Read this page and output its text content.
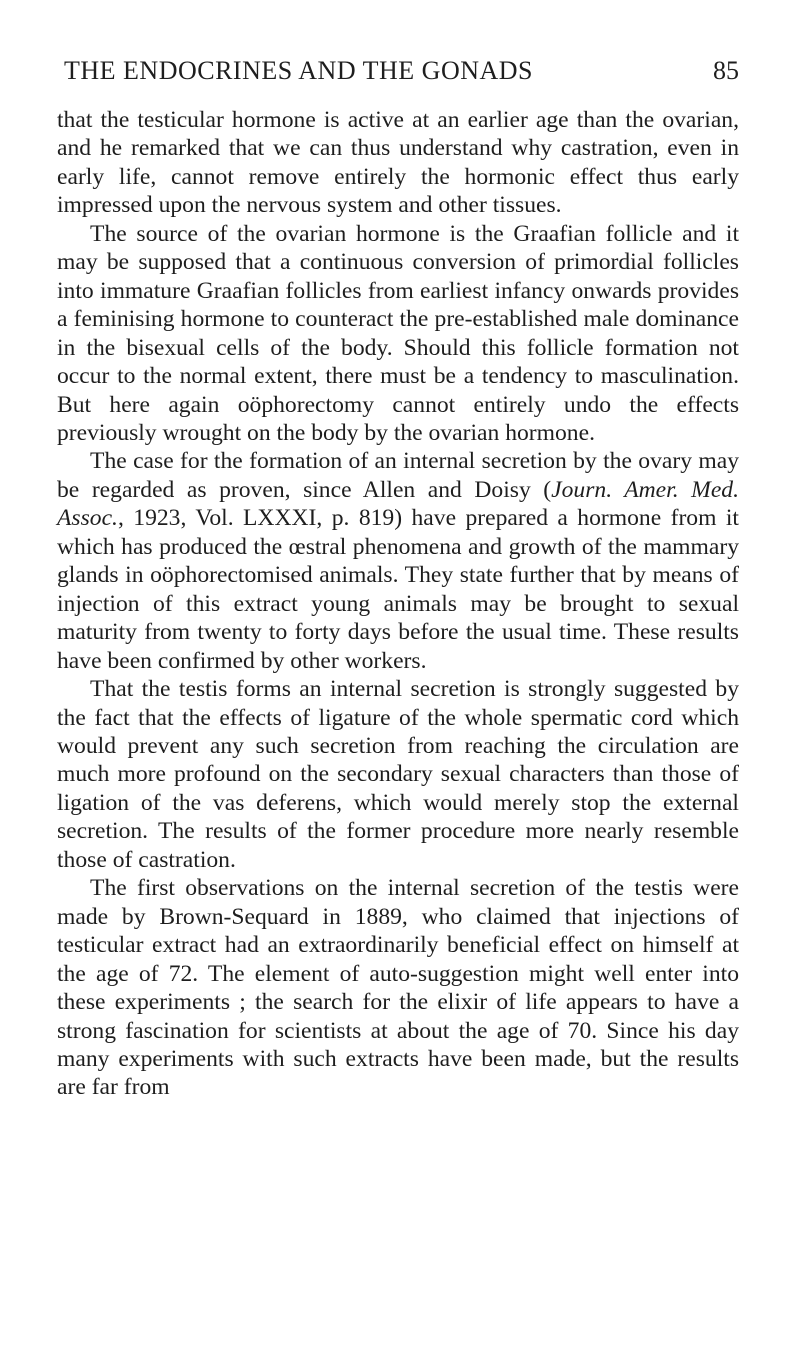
THE ENDOCRINES AND THE GONADS	85

that the testicular hormone is active at an earlier age than the ovarian, and he remarked that we can thus understand why castration, even in early life, cannot remove entirely the hormonic effect thus early impressed upon the nervous system and other tissues.

The source of the ovarian hormone is the Graafian follicle and it may be supposed that a continuous conversion of primordial follicles into immature Graafian follicles from earliest infancy onwards provides a feminising hormone to counteract the pre-established male dominance in the bisexual cells of the body. Should this follicle formation not occur to the normal extent, there must be a tendency to masculination. But here again oöphorectomy cannot entirely undo the effects previously wrought on the body by the ovarian hormone.

The case for the formation of an internal secretion by the ovary may be regarded as proven, since Allen and Doisy (Journ. Amer. Med. Assoc., 1923, Vol. LXXXI, p. 819) have prepared a hormone from it which has produced the œstral phenomena and growth of the mammary glands in oöphorectomised animals. They state further that by means of injection of this extract young animals may be brought to sexual maturity from twenty to forty days before the usual time. These results have been confirmed by other workers.

That the testis forms an internal secretion is strongly suggested by the fact that the effects of ligature of the whole spermatic cord which would prevent any such secretion from reaching the circulation are much more profound on the secondary sexual characters than those of ligation of the vas deferens, which would merely stop the external secretion. The results of the former procedure more nearly resemble those of castration.

The first observations on the internal secretion of the testis were made by Brown-Sequard in 1889, who claimed that injections of testicular extract had an extraordinarily beneficial effect on himself at the age of 72. The element of auto-suggestion might well enter into these experiments ; the search for the elixir of life appears to have a strong fascination for scientists at about the age of 70. Since his day many experiments with such extracts have been made, but the results are far from
